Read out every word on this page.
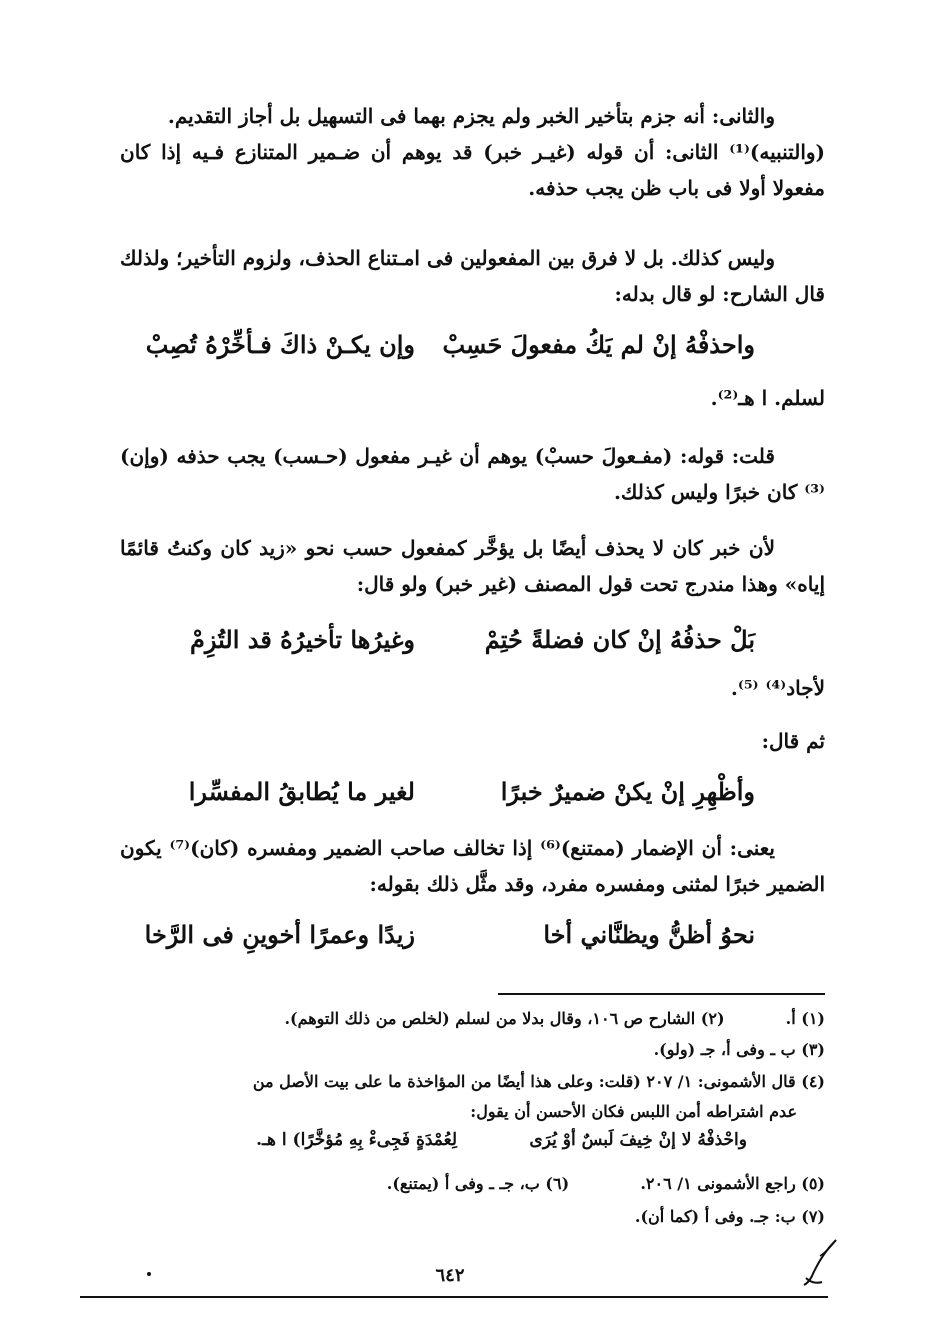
والثانى: أنه جزم بتأخير الخبر ولم يجزم بهما فى التسهيل بل أجاز التقديم.
(والتنبيه)⁽¹⁾ الثانى: أن قوله (غيـر خبر) قد يوهم أن ضـمير المتنازع فـيه إذا كان مفعولا أولا فى باب ظن يجب حذفه.
وليس كذلك. بل لا فرق بين المفعولين فى امـتناع الحذف، ولزوم التأخير؛ ولذلك قال الشارح: لو قال بدله:
واحذفْهُ إنْ لم يَكُ مفعولَ حَسِبْ
وإن يكـنْ ذاكَ فـأخِّرْهُ تُصِبْ
لسلم. ا هـ⁽²⁾.
قلت: قوله: (مفـعولَ حسبْ) يوهم أن غيـر مفعول (حـسب) يجب حذفه (وإن)⁽³⁾ كان خبرًا وليس كذلك.
لأن خبر كان لا يحذف أيضًا بل يؤخَّر كمفعول حسب نحو «زيد كان وكنتُ قائمًا إياه» وهذا مندرج تحت قول المصنف (غير خبر) ولو قال:
بَلْ حذفُهُ إنْ كان فضلةً حُتِمْ
وغيرُها تأخيرُهُ قد التُزِمْ
لأجاد⁽⁴⁾ ⁽⁵⁾.
ثم قال:
وأظْهِرِ إنْ يكنْ ضميرٌ خبرًا
لغير ما يُطابقُ المفسِّرا
يعنى: أن الإضمار (ممتنع)⁽⁶⁾ إذا تخالف صاحب الضمير ومفسره (كان)⁽⁷⁾ يكون الضمير خبرًا لمثنى ومفسره مفرد، وقد مثَّل ذلك بقوله:
نحوُ أظنُّ ويظنَّاني أخا
زيدًا وعمرًا أخوينِ فى الرَّخا
(١) أ.  (٢) الشارح ص ١٠٦، وقال بدلا من لسلم (لخلص من ذلك التوهم).
(٣) ب ـ وفى أ، جـ (ولو).
(٤) قال الأشمونى: ١/ ٢٠٧ (قلت: وعلى هذا أيضًا من المؤاخذة ما على بيت الأصل من
عدم اشتراطه أمن اللبس فكان الأحسن أن يقول:
واحْذفْهُ لا إنْ خِيفَ لَبسٌ أوْ يُرَى
لِعُمْدَةٍ فَجِىءْ بِهِ مُؤخَّرًا) ا هـ.
(٥) راجع الأشمونى ١/ ٢٠٦.  (٦) ب، جـ ـ وفى أ (يمتنع).
(٧) ب: جـ. وفى أ (كما أن).
٦٤٢
